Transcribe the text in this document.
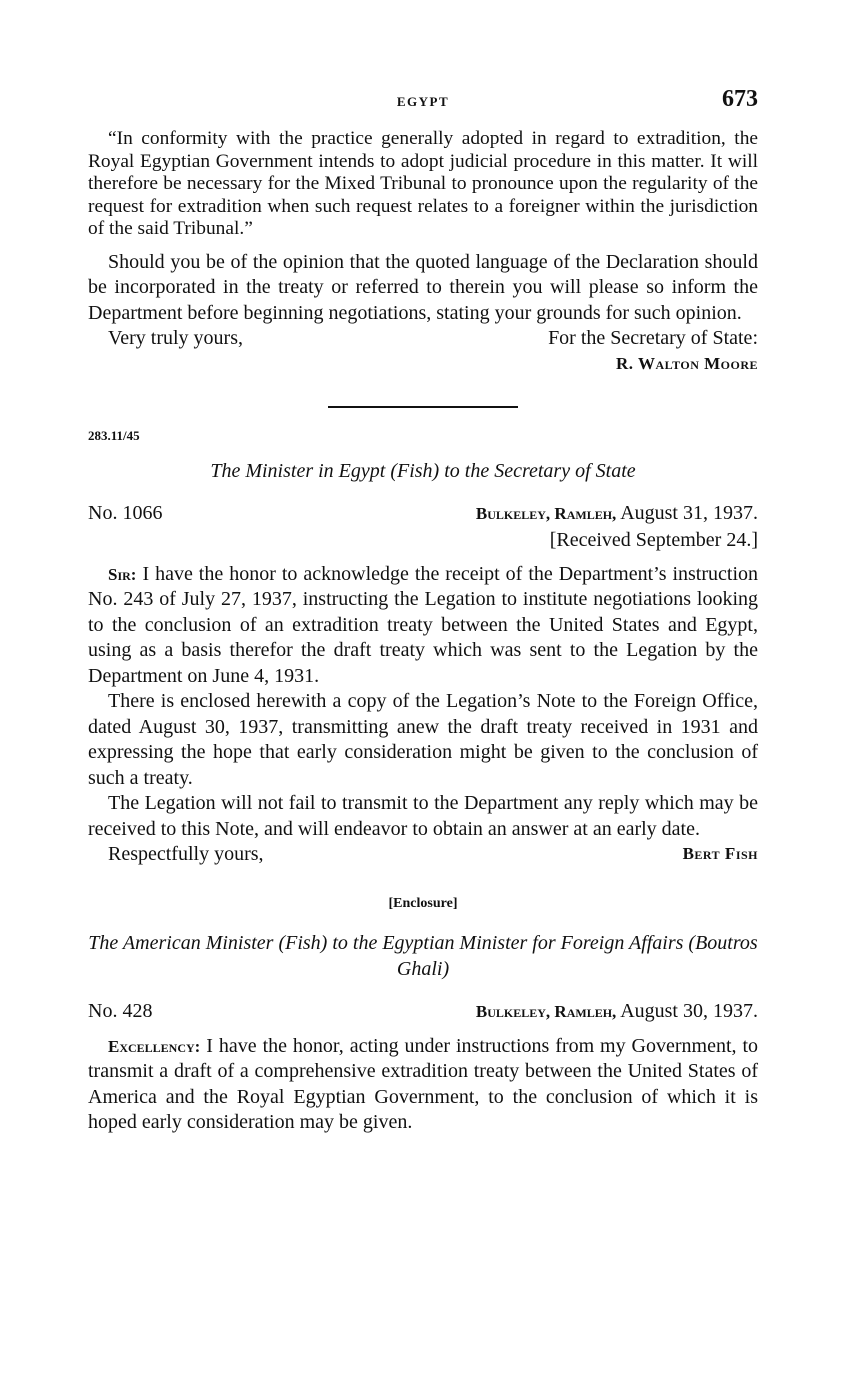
EGYPT	673

“In conformity with the practice generally adopted in regard to extradition, the Royal Egyptian Government intends to adopt judicial procedure in this matter. It will therefore be necessary for the Mixed Tribunal to pronounce upon the regularity of the request for extradition when such request relates to a foreigner within the jurisdiction of the said Tribunal.”

Should you be of the opinion that the quoted language of the Declaration should be incorporated in the treaty or referred to therein you will please so inform the Department before beginning negotiations, stating your grounds for such opinion.

Very truly yours,	For the Secretary of State:
R. Walton Moore
283.11/45
The Minister in Egypt (Fish) to the Secretary of State
No. 1066	Bulkeley, Ramleh, August 31, 1937.
[Received September 24.]

Sir: I have the honor to acknowledge the receipt of the Department’s instruction No. 243 of July 27, 1937, instructing the Legation to institute negotiations looking to the conclusion of an extradition treaty between the United States and Egypt, using as a basis therefor the draft treaty which was sent to the Legation by the Department on June 4, 1931.

There is enclosed herewith a copy of the Legation’s Note to the Foreign Office, dated August 30, 1937, transmitting anew the draft treaty received in 1931 and expressing the hope that early consideration might be given to the conclusion of such a treaty.

The Legation will not fail to transmit to the Department any reply which may be received to this Note, and will endeavor to obtain an answer at an early date.

Respectfully yours,	Bert Fish
[Enclosure]
The American Minister (Fish) to the Egyptian Minister for Foreign Affairs (Boutros Ghali)
No. 428	Bulkeley, Ramleh, August 30, 1937.

Excellency: I have the honor, acting under instructions from my Government, to transmit a draft of a comprehensive extradition treaty between the United States of America and the Royal Egyptian Government, to the conclusion of which it is hoped early consideration may be given.
